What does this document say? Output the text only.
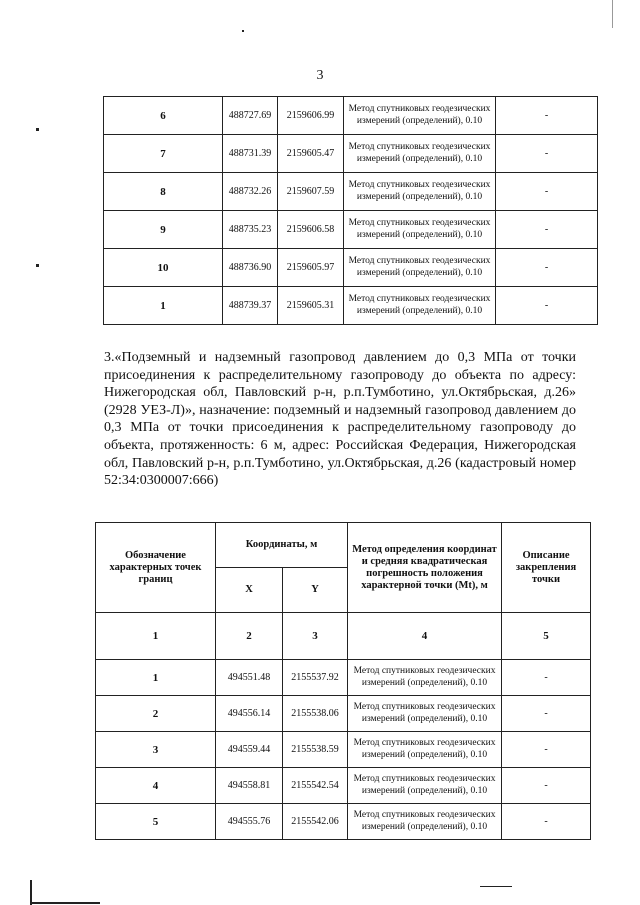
3
6	488727.69	2159606.99	Метод спутниковых геодезических измерений (определений), 0.10	-
7	488731.39	2159605.47	Метод спутниковых геодезических измерений (определений), 0.10	-
8	488732.26	2159607.59	Метод спутниковых геодезических измерений (определений), 0.10	-
9	488735.23	2159606.58	Метод спутниковых геодезических измерений (определений), 0.10	-
10	488736.90	2159605.97	Метод спутниковых геодезических измерений (определений), 0.10	-
1	488739.37	2159605.31	Метод спутниковых геодезических измерений (определений), 0.10	-

3.«Подземный и надземный газопровод давлением до 0,3 МПа от точки присоединения к распределительному газопроводу до объекта по адресу: Нижегородская обл, Павловский р-н, р.п.Тумботино, ул.Октябрьская, д.26» (2928 УЕЗ-Л)», назначение: подземный и надземный газопровод давлением до 0,3 МПа от точки присоединения к распределительному газопроводу до объекта, протяженность: 6 м, адрес: Российская Федерация, Нижегородская обл, Павловский р-н, р.п.Тумботино, ул.Октябрьская, д.26 (кадастровый номер 52:34:0300007:666)

Обозначение характерных точек границ	Координаты, м		Метод определения координат и средняя квадратическая погрешность положения характерной точки (Mt), м	Описание закрепления точки
	X	Y		
1	2	3	4	5
1	494551.48	2155537.92	Метод спутниковых геодезических измерений (определений), 0.10	-
2	494556.14	2155538.06	Метод спутниковых геодезических измерений (определений), 0.10	-
3	494559.44	2155538.59	Метод спутниковых геодезических измерений (определений), 0.10	-
4	494558.81	2155542.54	Метод спутниковых геодезических измерений (определений), 0.10	-
5	494555.76	2155542.06	Метод спутниковых геодезических измерений (определений), 0.10	-
